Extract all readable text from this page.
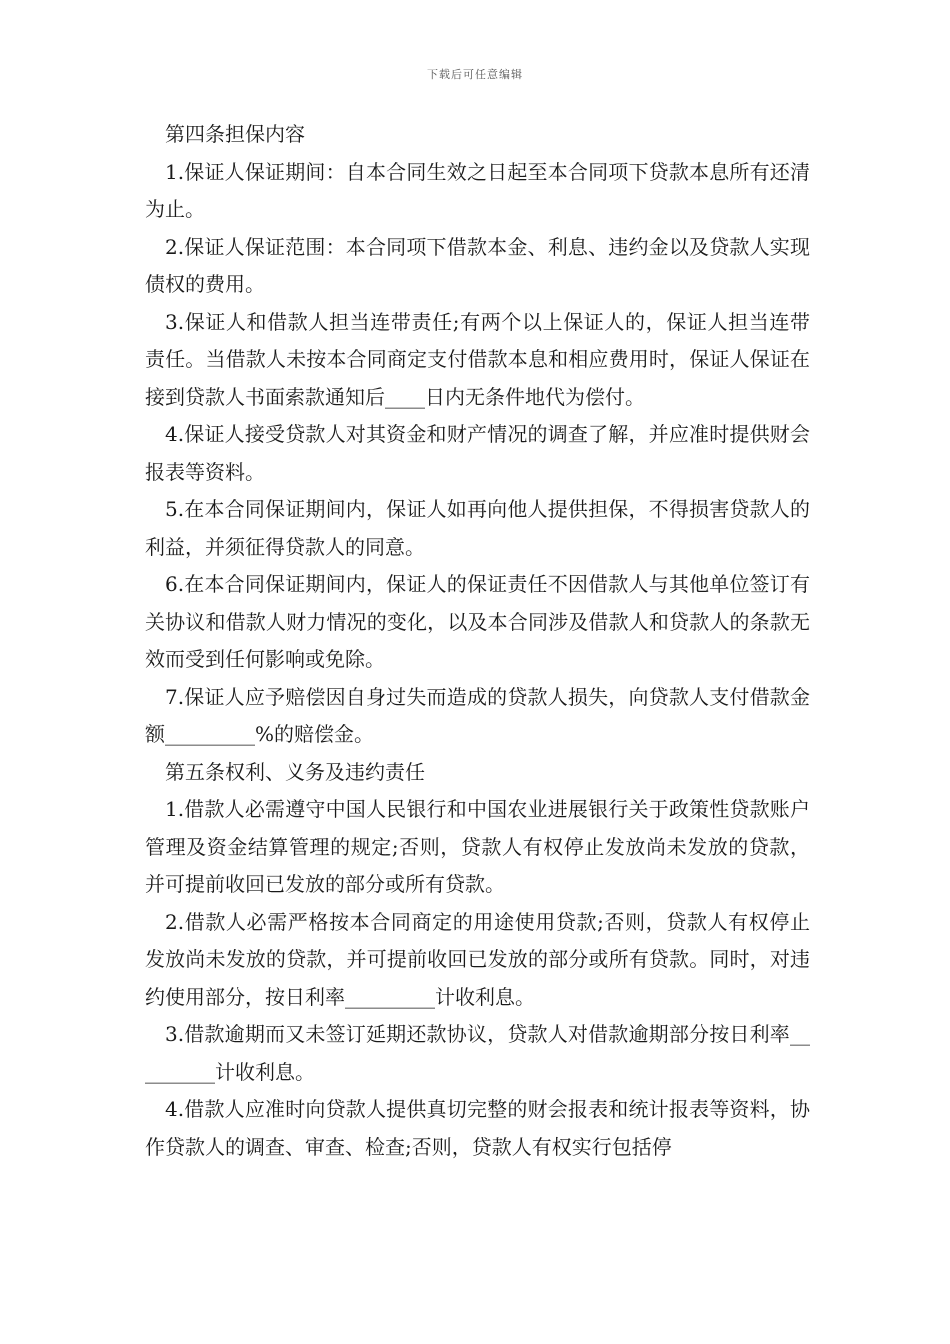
下载后可任意编辑

第四条担保内容

1.保证人保证期间：自本合同生效之日起至本合同项下贷款本息所有还清为止。

2.保证人保证范围：本合同项下借款本金、利息、违约金以及贷款人实现债权的费用。

3.保证人和借款人担当连带责任;有两个以上保证人的，保证人担当连带责任。当借款人未按本合同商定支付借款本息和相应费用时，保证人保证在接到贷款人书面索款通知后____日内无条件地代为偿付。

4.保证人接受贷款人对其资金和财产情况的调查了解，并应准时提供财会报表等资料。

5.在本合同保证期间内，保证人如再向他人提供担保，不得损害贷款人的利益，并须征得贷款人的同意。

6.在本合同保证期间内，保证人的保证责任不因借款人与其他单位签订有关协议和借款人财力情况的变化，以及本合同涉及借款人和贷款人的条款无效而受到任何影响或免除。

7.保证人应予赔偿因自身过失而造成的贷款人损失，向贷款人支付借款金额_________%的赔偿金。

第五条权利、义务及违约责任

1.借款人必需遵守中国人民银行和中国农业进展银行关于政策性贷款账户管理及资金结算管理的规定;否则，贷款人有权停止发放尚未发放的贷款，并可提前收回已发放的部分或所有贷款。

2.借款人必需严格按本合同商定的用途使用贷款;否则，贷款人有权停止发放尚未发放的贷款，并可提前收回已发放的部分或所有贷款。同时，对违约使用部分，按日利率_________计收利息。

3.借款逾期而又未签订延期还款协议，贷款人对借款逾期部分按日利率_________计收利息。

4.借款人应准时向贷款人提供真切完整的财会报表和统计报表等资料，协作贷款人的调查、审查、检查;否则，贷款人有权实行包括停
